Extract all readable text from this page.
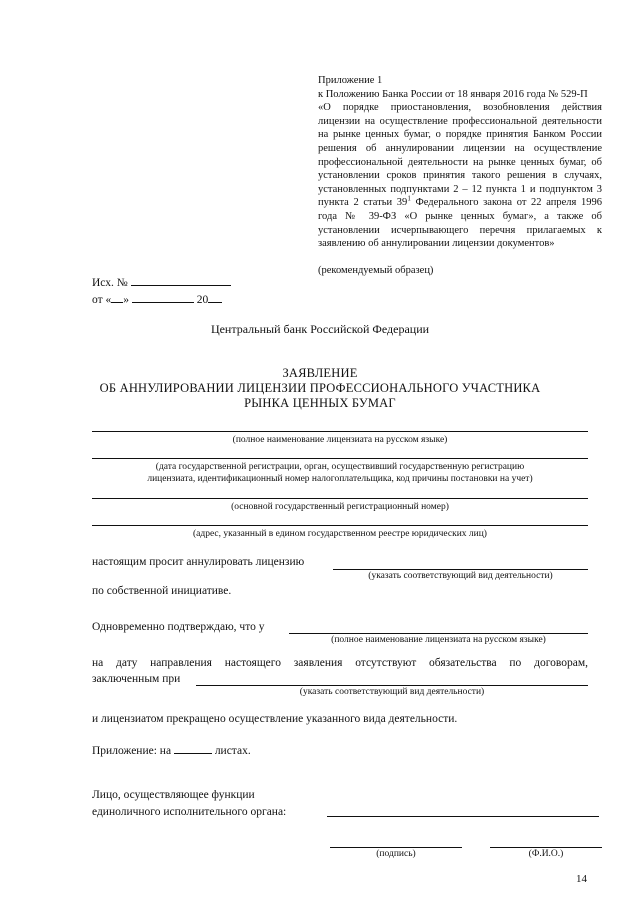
Приложение 1
к Положению Банка России от 18 января 2016 года № 529-П
«О порядке приостановления, возобновления действия лицензии на осуществление профессиональной деятельности на рынке ценных бумаг, о порядке принятия Банком России решения об аннулировании лицензии на осуществление профессиональной деятельности на рынке ценных бумаг, об установлении сроков принятия такого решения в случаях, установленных подпунктами 2 – 12 пункта 1 и подпунктом 3 пункта 2 статьи $39^1$ Федерального закона от 22 апреля 1996 года № 39-ФЗ «О рынке ценных бумаг», а также об установлении исчерпывающего перечня прилагаемых к заявлению об аннулировании лицензии документов»
(рекомендуемый образец)
Исх. №
от « »	20
Центральный банк Российской Федерации
ЗАЯВЛЕНИЕ
ОБ АННУЛИРОВАНИИ ЛИЦЕНЗИИ ПРОФЕССИОНАЛЬНОГО УЧАСТНИКА
РЫНКА ЦЕННЫХ БУМАГ
(полное наименование лицензиата на русском языке)
(дата государственной регистрации, орган, осуществивший государственную регистрацию
лицензиата, идентификационный номер налогоплательщика, код причины постановки на учет)
(основной государственный регистрационный номер)
(адрес, указанный в едином государственном реестре юридических лиц)
настоящим просит аннулировать лицензию
(указать соответствующий вид деятельности)
по собственной инициативе.
Одновременно подтверждаю, что у
(полное наименование лицензиата на русском языке)
на дату направления настоящего заявления отсутствуют обязательства по договорам,
заключенным при
(указать соответствующий вид деятельности)
и лицензиатом прекращено осуществление указанного вида деятельности.
Приложение: на	листах.
Лицо, осуществляющее функции
единоличного исполнительного органа:
(подпись)	(Ф.И.О.)
14
